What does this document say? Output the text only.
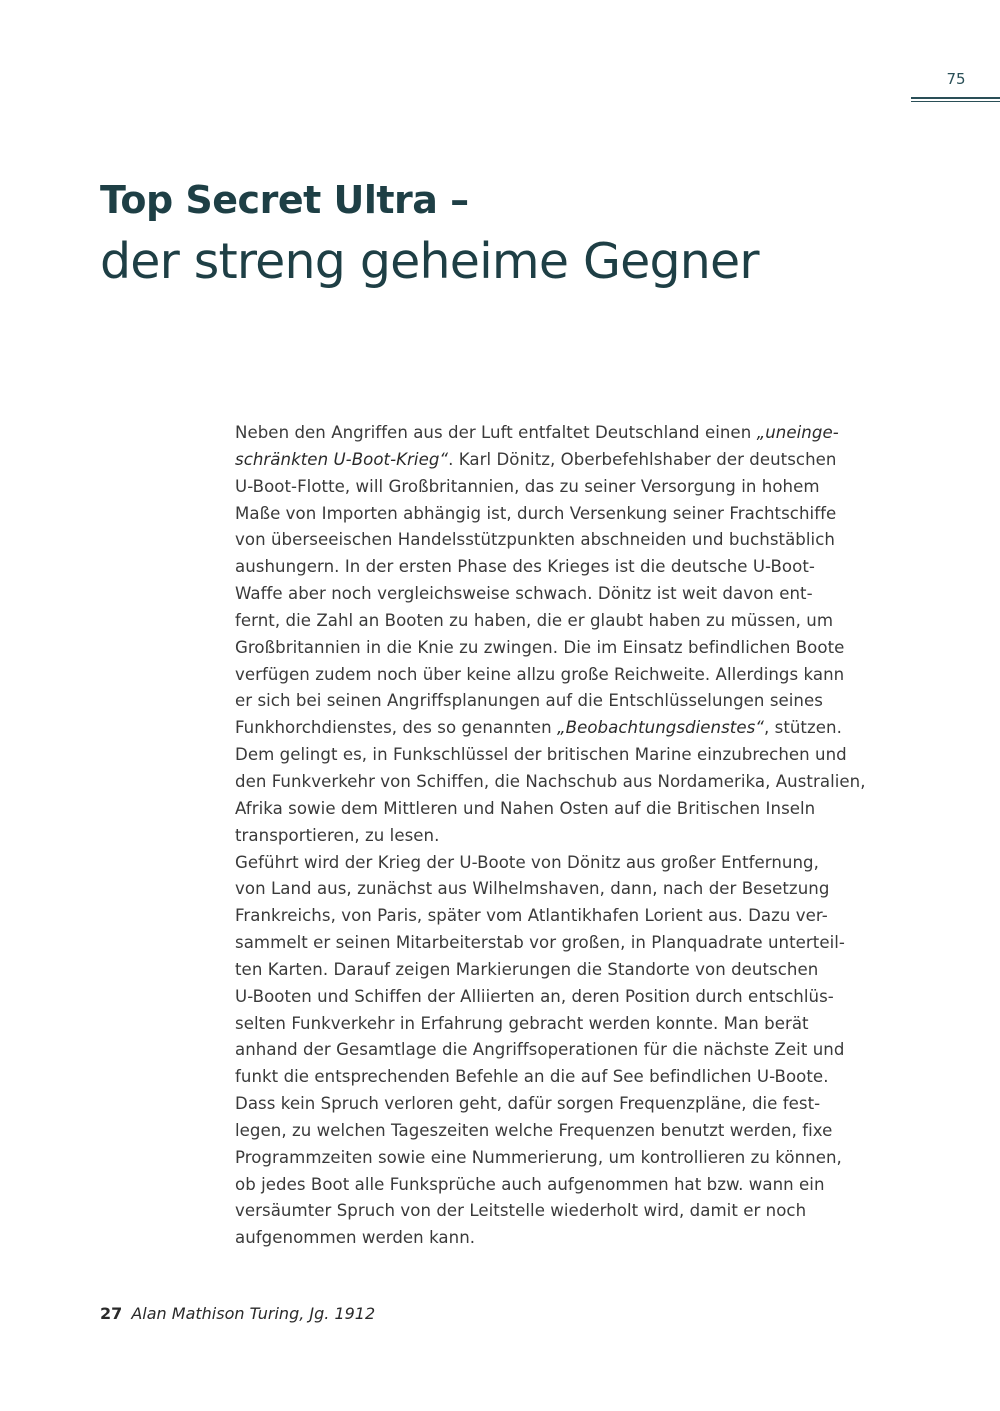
75
Top Secret Ultra –
der streng geheime Gegner
Neben den Angriffen aus der Luft entfaltet Deutschland einen „uneinge-
schränkten U-Boot-Krieg“. Karl Dönitz, Oberbefehlshaber der deutschen
U-Boot-Flotte, will Großbritannien, das zu seiner Versorgung in hohem
Maße von Importen abhängig ist, durch Versenkung seiner Frachtschiffe
von überseeischen Handelsstützpunkten abschneiden und buchstäblich
aushungern. In der ersten Phase des Krieges ist die deutsche U-Boot-
Waffe aber noch vergleichsweise schwach. Dönitz ist weit davon ent-
fernt, die Zahl an Booten zu haben, die er glaubt haben zu müssen, um
Großbritannien in die Knie zu zwingen. Die im Einsatz befindlichen Boote
verfügen zudem noch über keine allzu große Reichweite. Allerdings kann
er sich bei seinen Angriffsplanungen auf die Entschlüsselungen seines
Funkhorchdienstes, des so genannten „Beobachtungsdienstes“, stützen.
Dem gelingt es, in Funkschlüssel der britischen Marine einzubrechen und
den Funkverkehr von Schiffen, die Nachschub aus Nordamerika, Australien,
Afrika sowie dem Mittleren und Nahen Osten auf die Britischen Inseln
transportieren, zu lesen.
Geführt wird der Krieg der U-Boote von Dönitz aus großer Entfernung,
von Land aus, zunächst aus Wilhelmshaven, dann, nach der Besetzung
Frankreichs, von Paris, später vom Atlantikhafen Lorient aus. Dazu ver-
sammelt er seinen Mitarbeiterstab vor großen, in Planquadrate unterteil-
ten Karten. Darauf zeigen Markierungen die Standorte von deutschen
U-Booten und Schiffen der Alliierten an, deren Position durch entschlüs-
selten Funkverkehr in Erfahrung gebracht werden konnte. Man berät
anhand der Gesamtlage die Angriffsoperationen für die nächste Zeit und
funkt die entsprechenden Befehle an die auf See befindlichen U-Boote.
Dass kein Spruch verloren geht, dafür sorgen Frequenzpläne, die fest-
legen, zu welchen Tageszeiten welche Frequenzen benutzt werden, fixe
Programmzeiten sowie eine Nummerierung, um kontrollieren zu können,
ob jedes Boot alle Funksprüche auch aufgenommen hat bzw. wann ein
versäumter Spruch von der Leitstelle wiederholt wird, damit er noch
aufgenommen werden kann.
27 Alan Mathison Turing, Jg. 1912
